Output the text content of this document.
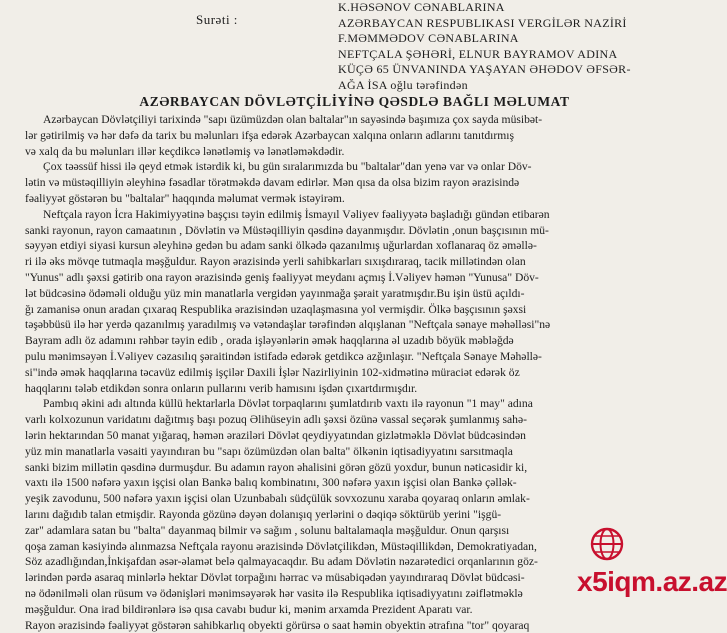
Surəti :
K.HƏSƏNOV CƏNABLARINA
AZƏRBAYCAN RESPUBLIKASI VERGİLƏR NAZİRİ
F.MƏMMƏDOV CƏNABLARINA
NEFTÇALA ŞƏHƏRİ, ELNUR BAYRAMOV ADINA
KÜÇƏ 65 ÜNVANINDA YAŞAYAN ƏHƏDOV ƏFSƏR-
AĞA İSA oğlu tərəfindən
AZƏRBAYCAN DÖVLƏTÇİLİYİNƏ QƏSDLƏ BAĞLI MƏLUMAT
Azərbaycan Dövlətçiliyi tarixində "sapı üzümüzdən olan baltalar"ın sayəsində başımıza çox sayda müsibət-
lər gətirilmiş və hər dəfə da tarix bu məlunları ifşa edərək Azərbaycan xalqına onların adlarını tanıtdırmış
və xalq da bu məlunları illər keçdikcə lənətləmiş və lənətləməkdədir.
Çox təəssüf hissi ilə qeyd etmək istərdik ki, bu gün sıralarımızda bu "baltalar"dan yenə var və onlar Döv-
lətin və müstəqilliyin əleyhinə fəsadlar törətməkdə davam edirlər. Mən qısa da olsa bizim rayon ərazisində
fəaliyyət göstərən bu "baltalar" haqqında məlumat vermək istəyirəm.
Neftçala rayon İcra Hakimiyyətinə başçısı təyin edilmiş İsmayıl Vəliyev fəaliyyətə başladığı gündən etibarən
sanki rayonun, rayon camaatının , Dövlətin və Müstəqilliyin qəsdinə dayanmışdır. Dövlətin ,onun başçısının mü-
səyyən etdiyi siyasi kursun əleyhinə gedən bu adam sanki ölkədə qazanılmış uğurlardan xoflanaraq öz əməllə-
ri ilə əks mövqe tutmaqla məşğuldur. Rayon ərazisində yerli sahibkarları sıxışdıraraq, tacik millətindən olan
"Yunus" adlı şəxsi gətirib ona rayon ərazisində geniş fəaliyyət meydanı açmış İ.Vəliyev həmən "Yunusa" Döv-
lət büdcəsinə ödəməli olduğu yüz min manatlarla vergidən yayınmağa şərait yaratmışdır.Bu işin üstü açıldı-
ğı zamanisə onun aradan çıxaraq Respublika ərazisindən uzaqlaşmasına yol vermişdir. Ölkə başçısının şəxsi
təşəbbüsü ilə hər yerdə qazanılmış yaradılmış və vətəndaşlar tərəfindən alqışlanan "Neftçala sənaye məhəlləsi"nə
Bayram adlı öz adamını rəhbər təyin edib , orada işləyənlərin əmək haqqlarına əl uzadıb böyük məbləğdə
pulu mənimsəyən İ.Vəliyev cəzasılıq şəraitindən istifadə edərək getdikcə azğınlaşır. "Neftçala Sənaye Məhəllə-
si"ində əmək haqqlarına təcavüz edilmiş işçilər Daxili İşlər Nazirliyinin 102-xidmətinə müraciət edərək öz
haqqlarını tələb etdikdən sonra onların pullarını verib hamısını işdən çıxartdırmışdır.
Pambıq əkini adı altında küllü hektarlarla Dövlət torpaqlarını şumlatdırıb vaxtı ilə rayonun "1 may" adına
varlı kolxozunun varidatını dağıtmış başı pozuq Əlihüseyin adlı şəxsi özünə vassal seçərək şumlanmış sahə-
lərin hektarından 50 manat yığaraq, həmən əraziləri Dövlət qeydiyyatından gizlətməklə Dövlət büdcəsindən
yüz min manatlarla vəsaiti yayındıran bu "sapı özümüzdən olan balta" ölkənin iqtisadiyyatını sarsıtmaqla
sanki bizim millətin qəsdinə durmuşdur. Bu adamın rayon əhalisini görən gözü yoxdur, bunun nəticəsidir ki,
vaxtı ilə 1500 nəfərə yaxın işçisi olan Bankə balıq kombinatını, 300 nəfərə yaxın işçisi olan Bankə çəllək-
yeşik zavodunu, 500 nəfərə yaxın işçisi olan Uzunbabalı südçülük sovxozunu xaraba qoyaraq onların əmlak-
larını dağıdıb talan etmişdir. Rayonda gözünə dəyən dolanışıq yerlərini o dəqiqə söktürüb yerini "işgü-
zar" adamlara satan bu "balta" dayanmaq bilmir və sağım , solunu baltalamaqla məşğuldur. Onun qarşısı
qoşa zaman kəsiyində alınmazsa Neftçala rayonu ərazisində Dövlətçilikdən, Müstəqillikdən, Demokratiyadan,
Söz azadlığından,İnkişafdan əsər-əlamət belə qalmayacaqdır. Bu adam Dövlətin nəzarətedici orqanlarının göz-
lərindən pərdə asaraq minlərlə hektar Dövlət torpağını hərrac və müsabiqədən yayındıraraq Dövlət büdcəsi-
nə ödənilməli olan rüsum və ödənişləri mənimsəyərək hər vasitə ilə Respublika iqtisadiyyatını zəiflətməklə
məşğuldur. Ona irad bildirənlərə isə qısa cavabı budur ki, mənim arxamda Prezident Aparatı var.
Rayon ərazisində fəaliyyət göstərən sahibkarlıq obyekti görürsə o saat həmin obyektin ətrafına "tor" qoyaraq
x5iqm.az.az
